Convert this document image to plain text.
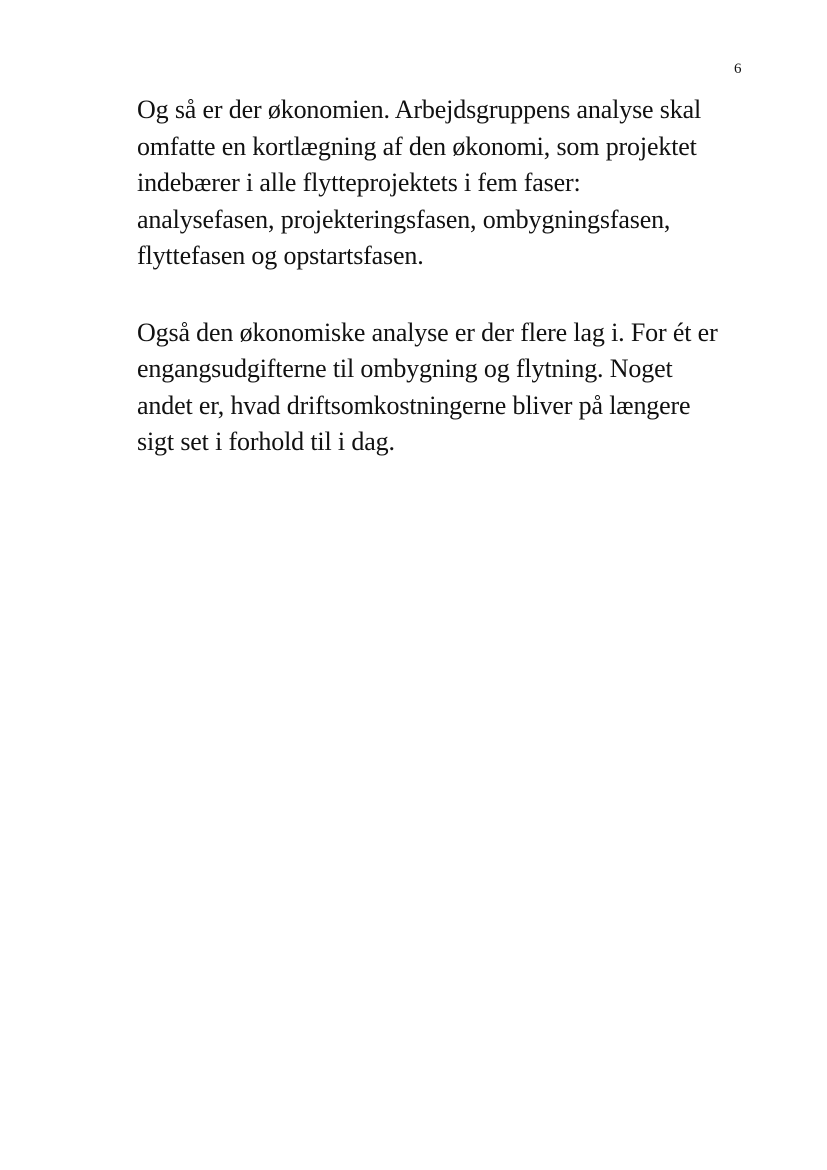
6

Og så er der økonomien. Arbejdsgruppens analyse skal
omfatte en kortlægning af den økonomi, som projektet
indebærer i alle flytteprojektets i fem faser:
analysefasen, projekteringsfasen, ombygningsfasen,
flyttefasen og opstartsfasen.

Også den økonomiske analyse er der flere lag i. For ét er
engangsudgifterne til ombygning og flytning. Noget
andet er, hvad driftsomkostningerne bliver på længere
sigt set i forhold til i dag.
